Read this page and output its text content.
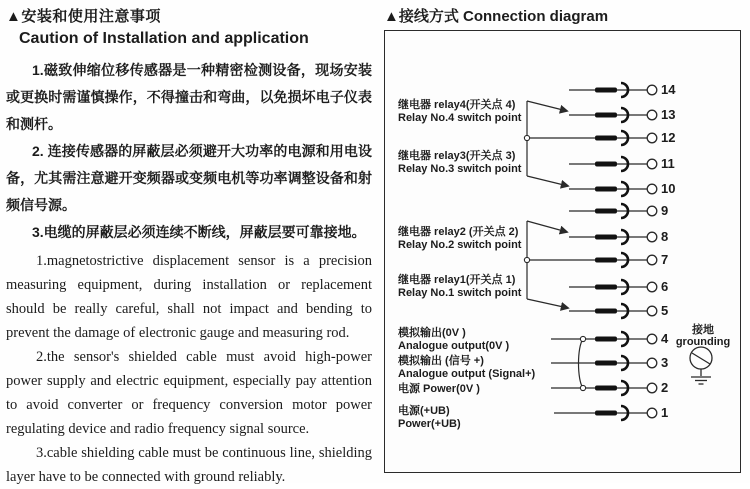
▲安装和使用注意事项
Caution of Installation and application

1.磁致伸缩位移传感器是一种精密检测设备，现场安装或更换时需谨慎操作，不得撞击和弯曲，以免损坏电子仪表和测杆。

2. 连接传感器的屏蔽层必须避开大功率的电源和用电设备，尤其需注意避开变频器或变频电机等功率调整设备和射频信号源。

3.电缆的屏蔽层必须连续不断线，屏蔽层要可靠接地。

1.magnetostrictive displacement sensor is a precision measuring equipment, during installation or replacement should be really careful, shall not impact and bending to prevent the damage of electronic gauge and measuring rod.

2.the sensor's shielded cable must avoid high-power power supply and electric equipment, especially pay attention to avoid converter or frequency conversion motor power regulating device and radio frequency signal source.

3.cable shielding cable must be continuous line, shielding layer have to be connected with ground reliably.

▲接线方式 Connection diagram
继电器 relay4(开关点 4)
Relay No.4 switch point
继电器 relay3(开关点 3)
Relay No.3 switch point
继电器 relay2 (开关点 2)
Relay No.2 switch point
继电器 relay1(开关点 1)
Relay No.1 switch point
模拟输出(0V )
Analogue output(0V )
模拟输出 (信号 +)
Analogue output (Signal+)
电源 Power(0V )
电源(+UB)
Power(+UB)
14
13
12
11
10
9
8
7
6
5
4
3
2
1
接地
grounding
